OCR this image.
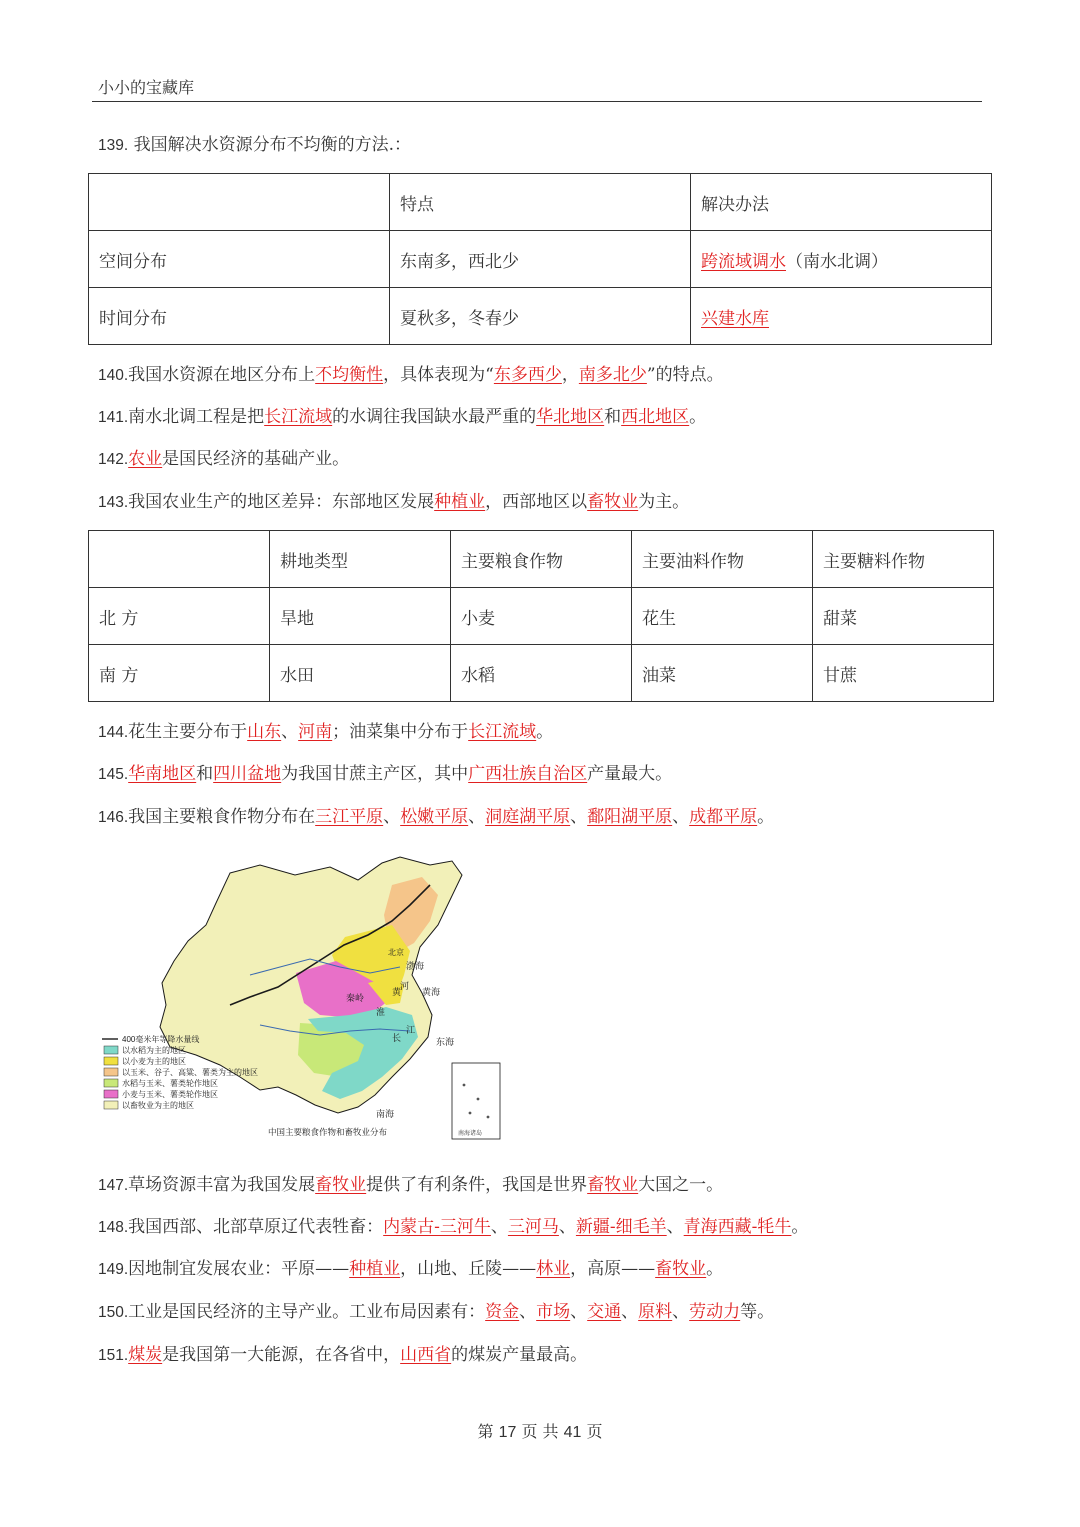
小小的宝藏库
139. 我国解决水资源分布不均衡的方法.：
	特点	解决办法
空间分布	东南多，西北少	跨流域调水（南水北调）
时间分布	夏秋多，冬春少	兴建水库
140.我国水资源在地区分布上不均衡性，具体表现为“东多西少，南多北少”的特点。
141.南水北调工程是把长江流域的水调往我国缺水最严重的华北地区和西北地区。
142.农业是国民经济的基础产业。
143.我国农业生产的地区差异：东部地区发展种植业，西部地区以畜牧业为主。
	耕地类型	主要粮食作物	主要油料作物	主要糖料作物
北 方	旱地	小麦	花生	甜菜
南 方	水田	水稻	油菜	甘蔗
144.花生主要分布于山东、河南；油菜集中分布于长江流域。
145.华南地区和四川盆地为我国甘蔗主产区，其中广西壮族自治区产量最大。
146.我国主要粮食作物分布在三江平原、松嫩平原、洞庭湖平原、鄱阳湖平原、成都平原。
渤海
黄海
东海
南海
北京
秦岭
淮
河
黄
江
长
南海诸岛
400毫米年等降水量线
以水稻为主的地区
以小麦为主的地区
以玉米、谷子、高粱、薯类为主的地区
水稻与玉米、薯类轮作地区
小麦与玉米、薯类轮作地区
以畜牧业为主的地区
中国主要粮食作物和畜牧业分布
147.草场资源丰富为我国发展畜牧业提供了有利条件，我国是世界畜牧业大国之一。
148.我国西部、北部草原辽代表牲畜：内蒙古-三河牛、三河马、新疆-细毛羊、青海西藏-牦牛。
149.因地制宜发展农业：平原——种植业，山地、丘陵——林业，高原——畜牧业。
150.工业是国民经济的主导产业。工业布局因素有：资金、市场、交通、原料、劳动力等。
151.煤炭是我国第一大能源，在各省中，山西省的煤炭产量最高。
第 17 页 共 41 页
